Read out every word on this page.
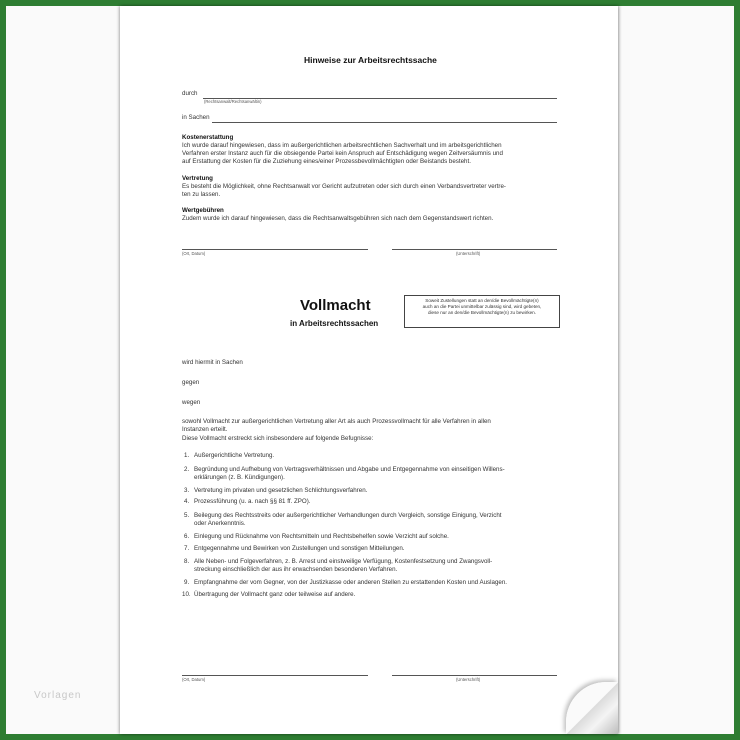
Hinweise zur Arbeitsrechtssache
durch
(Rechtsanwalt/Rechtsanwältin)
in Sachen
Kostenerstattung
Ich wurde darauf hingewiesen, dass im außergerichtlichen arbeitsrechtlichen Sachverhalt und im arbeitsgerichtlichen
Verfahren erster Instanz auch für die obsiegende Partei kein Anspruch auf Entschädigung wegen Zeitversäumnis und
auf Erstattung der Kosten für die Zuziehung eines/einer Prozessbevollmächtigten oder Beistands besteht.
Vertretung
Es besteht die Möglichkeit, ohne Rechtsanwalt vor Gericht aufzutreten oder sich durch einen Verbandsvertreter vertre-
ten zu lassen.
Wertgebühren
Zudem wurde ich darauf hingewiesen, dass die Rechtsanwaltsgebühren sich nach dem Gegenstandswert richten.
(Ort, Datum)	(Unterschrift)
Vollmacht
in Arbeitsrechtssachen
Soweit Zustellungen statt an den/die Bevollmächtigte(n)
auch an die Partei unmittelbar zulässig sind, wird gebeten,
diese nur an den/die Bevollmächtigte(n) zu bewirken.
wird hiermit in Sachen
gegen
wegen
sowohl Vollmacht zur außergerichtlichen Vertretung aller Art als auch Prozessvollmacht für alle Verfahren in allen
Instanzen erteilt.
Diese Vollmacht erstreckt sich insbesondere auf folgende Befugnisse:
1. Außergerichtliche Vertretung.
2. Begründung und Aufhebung von Vertragsverhältnissen und Abgabe und Entgegennahme von einseitigen Willens-
erklärungen (z. B. Kündigungen).
3. Vertretung im privaten und gesetzlichen Schlichtungsverfahren.
4. Prozessführung (u. a. nach §§ 81 ff. ZPO).
5. Beilegung des Rechtsstreits oder außergerichtlicher Verhandlungen durch Vergleich, sonstige Einigung, Verzicht
oder Anerkenntnis.
6. Einlegung und Rücknahme von Rechtsmitteln und Rechtsbehelfen sowie Verzicht auf solche.
7. Entgegennahme und Bewirken von Zustellungen und sonstigen Mitteilungen.
8. Alle Neben- und Folgeverfahren, z. B. Arrest und einstweilige Verfügung, Kostenfestsetzung und Zwangsvoll-
streckung einschließlich der aus ihr erwachsenden besonderen Verfahren.
9. Empfangnahme der vom Gegner, von der Justizkasse oder anderen Stellen zu erstattenden Kosten und Auslagen.
10. Übertragung der Vollmacht ganz oder teilweise auf andere.
(Ort, Datum)	(Unterschrift)
Vorlagen
